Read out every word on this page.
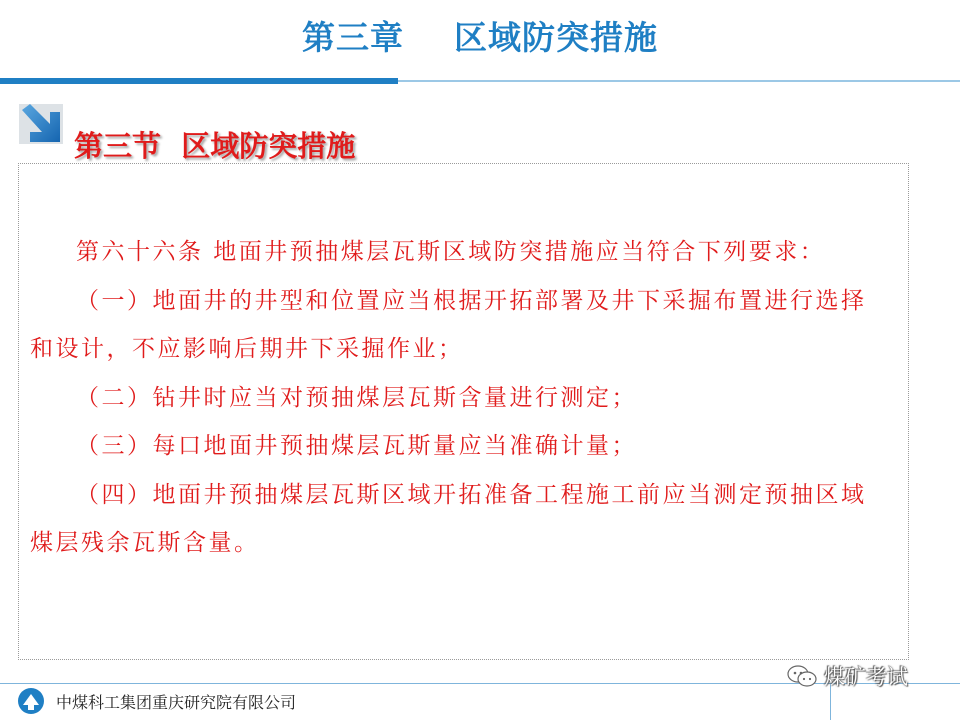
第三章    区域防突措施
第三节  区域防突措施

第六十六条 地面井预抽煤层瓦斯区域防突措施应当符合下列要求：

（一）地面井的井型和位置应当根据开拓部署及井下采掘布置进行选择和设计，不应影响后期井下采掘作业；

（二）钻井时应当对预抽煤层瓦斯含量进行测定；

（三）每口地面井预抽煤层瓦斯量应当准确计量；

（四）地面井预抽煤层瓦斯区域开拓准备工程施工前应当测定预抽区域煤层残余瓦斯含量。

中煤科工集团重庆研究院有限公司
煤矿考试
